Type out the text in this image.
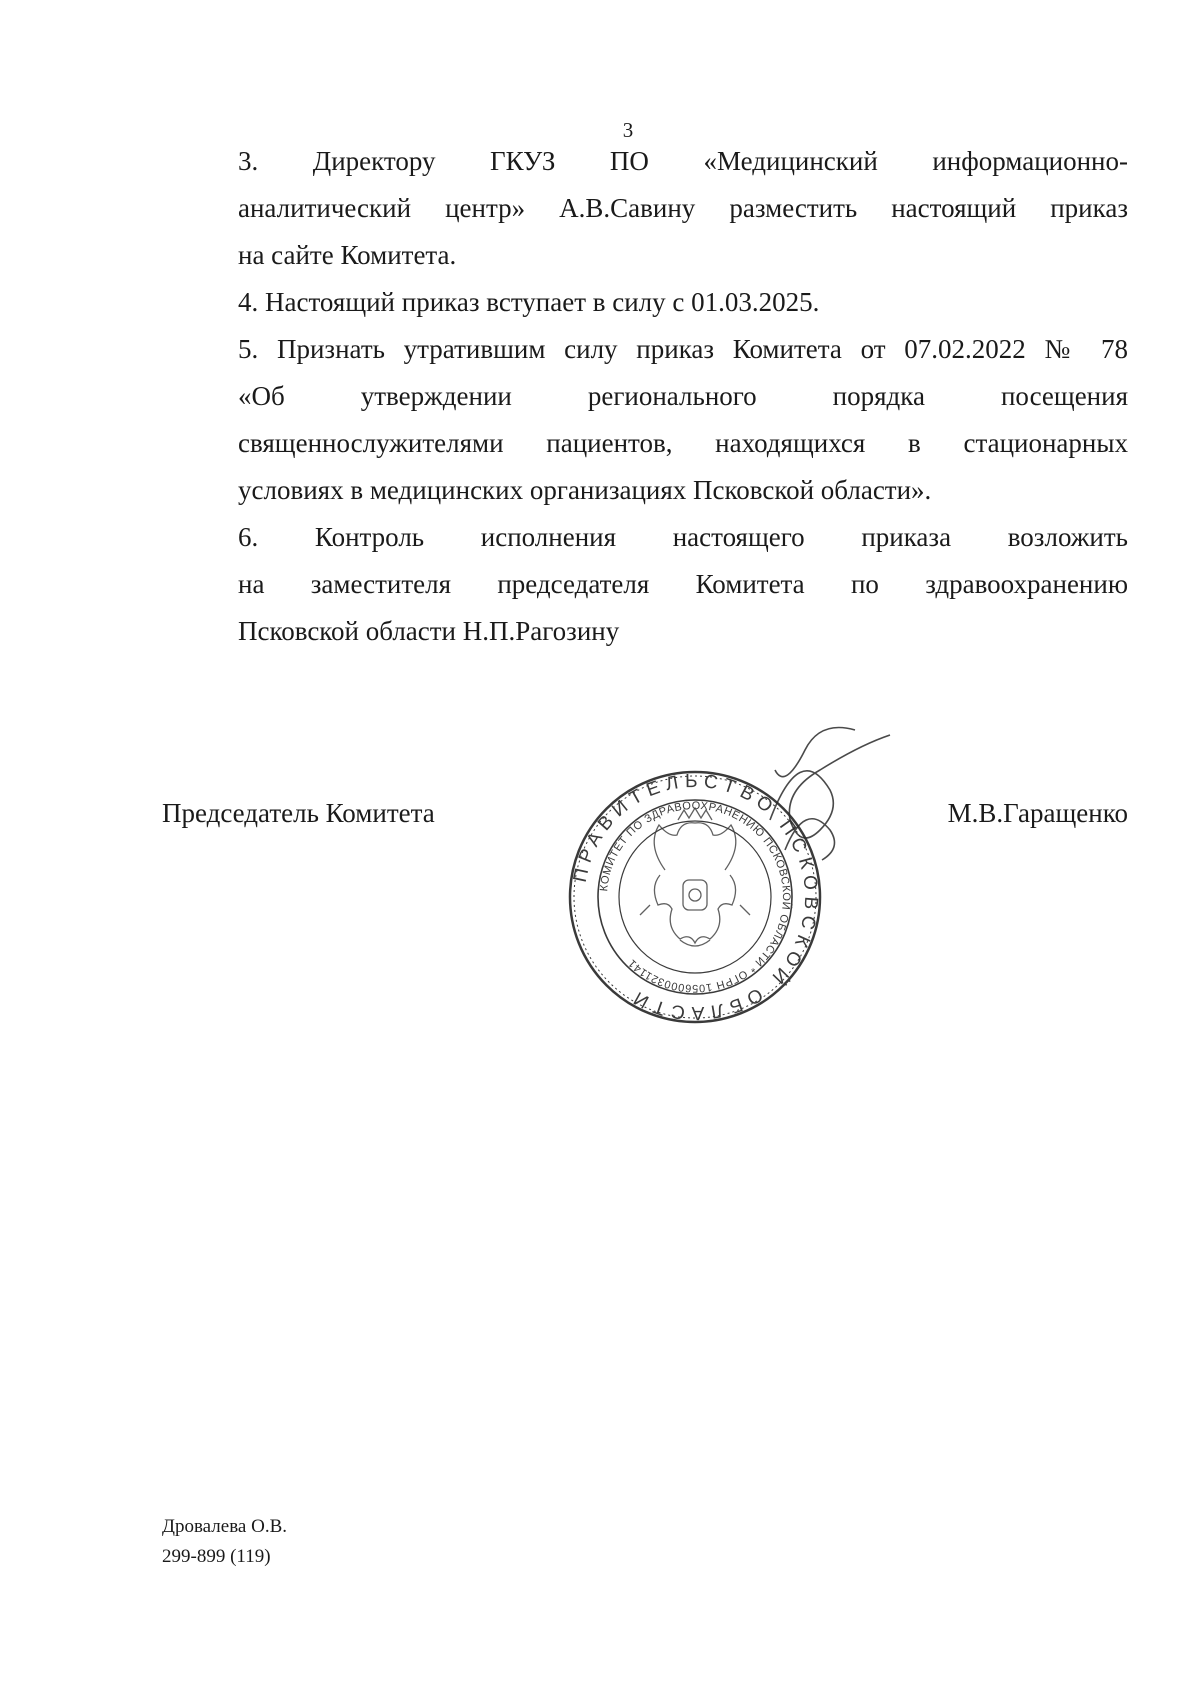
3

3. Директору ГКУЗ ПО «Медицинский информационно-
аналитический центр» А.В.Савину разместить настоящий приказ
на сайте Комитета.

4. Настоящий приказ вступает в силу с 01.03.2025.

5. Признать утратившим силу приказ Комитета от 07.02.2022 № 78
«Об утверждении регионального порядка посещения
священнослужителями пациентов, находящихся в стационарных
условиях в медицинских организациях Псковской области».

6. Контроль исполнения настоящего приказа возложить
на заместителя председателя Комитета по здравоохранению
Псковской области Н.П.Рагозину

ПРАВИТЕЛЬСТВО ПСКОВСКОЙ ОБЛАСТИ
КОМИТЕТ ПО ЗДРАВООХРАНЕНИЮ ПСКОВСКОЙ ОБЛАСТИ * ОГРН 1056000321141
Председатель Комитета	М.В.Гаращенко
Дровалева О.В.
299-899 (119)
